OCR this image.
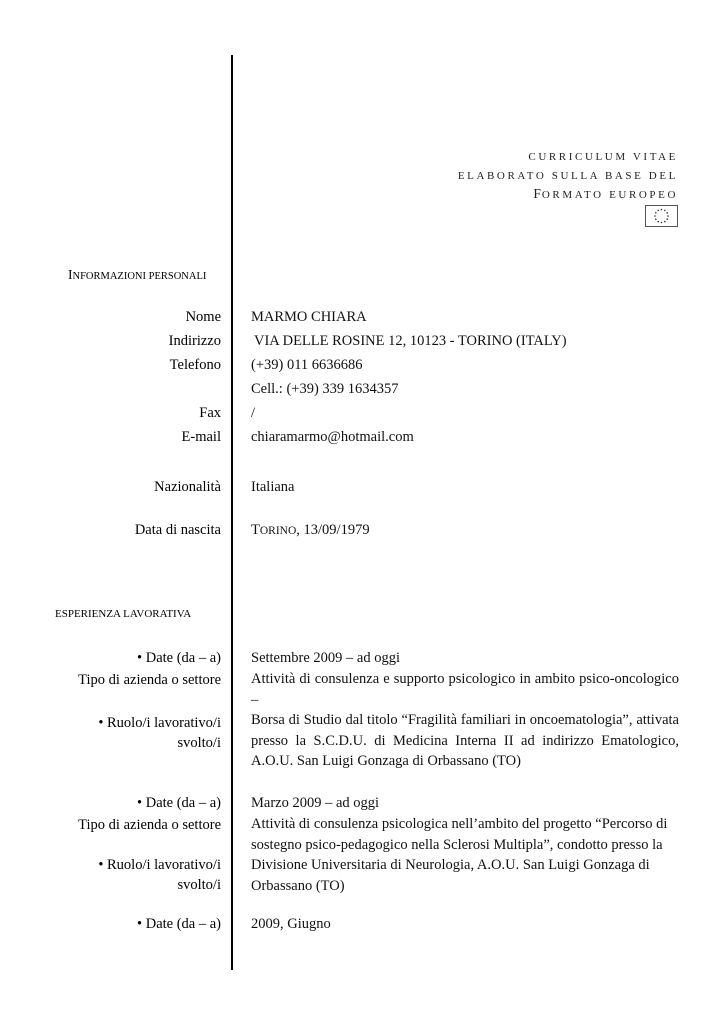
CURRICULUM VITAE
ELABORATO SULLA BASE DEL
FORMATO EUROPEO
INFORMAZIONI PERSONALI
Nome MARMO CHIARA
Indirizzo VIA DELLE ROSINE 12, 10123 - TORINO (ITALY)
Telefono (+39) 011 6636686
Cell.: (+39) 339 1634357
Fax /
E-mail chiaramarmo@hotmail.com
Nazionalità Italiana
Data di nascita TORINO, 13/09/1979
ESPERIENZA LAVORATIVA
• Date (da – a) Settembre 2009 – ad oggi
Tipo di azienda o settore Attività di consulenza e supporto psicologico in ambito psico-oncologico –
• Ruolo/i lavorativo/i
svolto/i
Borsa di Studio dal titolo “Fragilità familiari in oncoematologia”, attivata presso la S.C.D.U. di Medicina Interna II ad indirizzo Ematologico, A.O.U. San Luigi Gonzaga di Orbassano (TO)
• Date (da – a) Marzo 2009 – ad oggi
Tipo di azienda o settore Attività di consulenza psicologica nell’ambito del progetto “Percorso di sostegno psico-pedagogico nella Sclerosi Multipla”, condotto presso la Divisione Universitaria di Neurologia, A.O.U. San Luigi Gonzaga di Orbassano (TO)
• Ruolo/i lavorativo/i
svolto/i
• Date (da – a) 2009, Giugno
